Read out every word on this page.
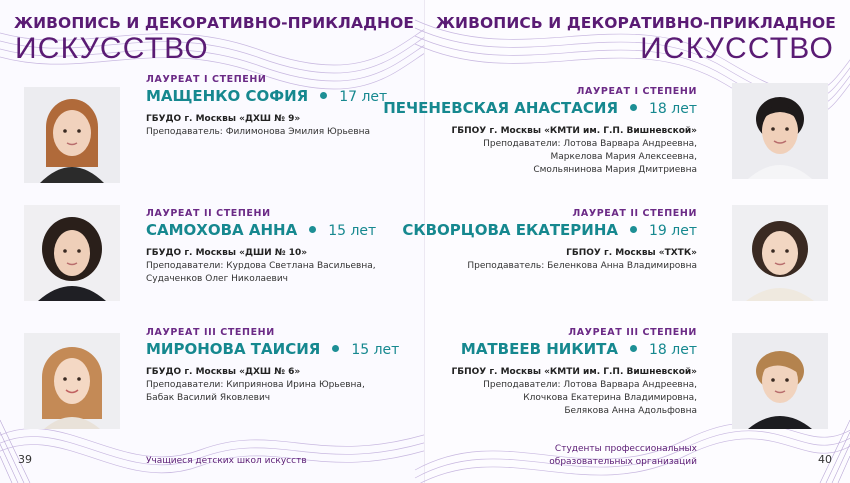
ЖИВОПИСЬ И ДЕКОРАТИВНО-ПРИКЛАДНОЕ
ИСКУССТВО
ЛАУРЕАТ I СТЕПЕНИ
МАЩЕНКО СОФИЯ 17 лет
ГБУДО г. Москвы «ДХШ № 9»
Преподаватель: Филимонова Эмилия Юрьевна
ЛАУРЕАТ II СТЕПЕНИ
САМОХОВА АННА 15 лет
ГБУДО г. Москвы «ДШИ № 10»
Преподаватели: Курдова Светлана Васильевна,
Судаченков Олег Николаевич
ЛАУРЕАТ III СТЕПЕНИ
МИРОНОВА ТАИСИЯ 15 лет
ГБУДО г. Москвы «ДХШ № 6»
Преподаватели: Киприянова Ирина Юрьевна,
Бабак Василий Яковлевич
39	Учащиеся детских школ искусств
ЖИВОПИСЬ И ДЕКОРАТИВНО-ПРИКЛАДНОЕ
ИСКУССТВО
ЛАУРЕАТ I СТЕПЕНИ
ПЕЧЕНЕВСКАЯ АНАСТАСИЯ 18 лет
ГБПОУ г. Москвы «КМТИ им. Г.П. Вишневской»
Преподаватели: Лотова Варвара Андреевна,
Маркелова Мария Алексеевна,
Смольянинова Мария Дмитриевна
ЛАУРЕАТ II СТЕПЕНИ
СКВОРЦОВА ЕКАТЕРИНА 19 лет
ГБПОУ г. Москвы «ТХТК»
Преподаватель: Беленкова Анна Владимировна
ЛАУРЕАТ III СТЕПЕНИ
МАТВЕЕВ НИКИТА 18 лет
ГБПОУ г. Москвы «КМТИ им. Г.П. Вишневской»
Преподаватели: Лотова Варвара Андреевна,
Клочкова Екатерина Владимировна,
Белякова Анна Адольфовна
40
Студенты профессиональных
образовательных организаций
